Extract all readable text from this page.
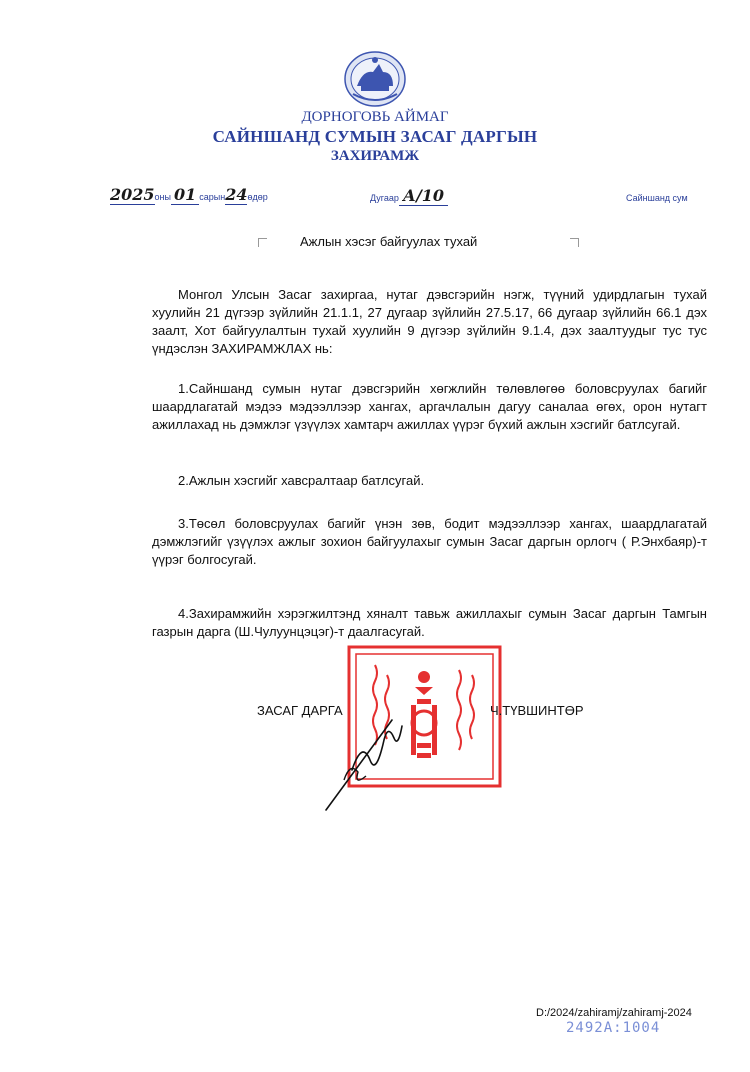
ДОРНОГОВЬ АЙМАГ
САЙНШАНД СУМЫН ЗАСАГ ДАРГЫН
ЗАХИРАМЖ
2025оны 01 сарын24өдөр	Дугаар А/10	Сайншанд сум
Ажлын хэсэг байгуулах тухай
Монгол Улсын Засаг захиргаа, нутаг дэвсгэрийн нэгж, түүний удирдлагын тухай хуулийн 21 дүгээр зүйлийн 21.1.1, 27 дугаар зүйлийн 27.5.17, 66 дугаар зүйлийн 66.1 дэх заалт, Хот байгуулалтын тухай хуулийн 9 дүгээр зүйлийн 9.1.4, дэх заалтуудыг тус тус үндэслэн ЗАХИРАМЖЛАХ нь:
1.Сайншанд сумын нутаг дэвсгэрийн хөгжлийн төлөвлөгөө боловсруулах багийг шаардлагатай мэдээ мэдээллээр хангах, аргачлалын дагуу саналаа өгөх, орон нутагт ажиллахад нь дэмжлэг үзүүлэх хамтарч ажиллах үүрэг бүхий ажлын хэсгийг батлсугай.
2.Ажлын хэсгийг хавсралтаар батлсугай.
3.Төсөл боловсруулах багийг үнэн зөв, бодит мэдээллээр хангах, шаардлагатай дэмжлэгийг үзүүлэх ажлыг зохион байгуулахыг сумын Засаг даргын орлогч ( Р.Энхбаяр)-т үүрэг болгосугай.
4.Захирамжийн хэрэгжилтэнд хяналт тавьж ажиллахыг сумын Засаг даргын Тамгын газрын дарга (Ш.Чулуунцэцэг)-т даалгасугай.
ЗАСАГ ДАРГА	Ч.ТҮВШИНТӨР
D:/2024/zahiramj/zahiramj-2024
2492А:1004
